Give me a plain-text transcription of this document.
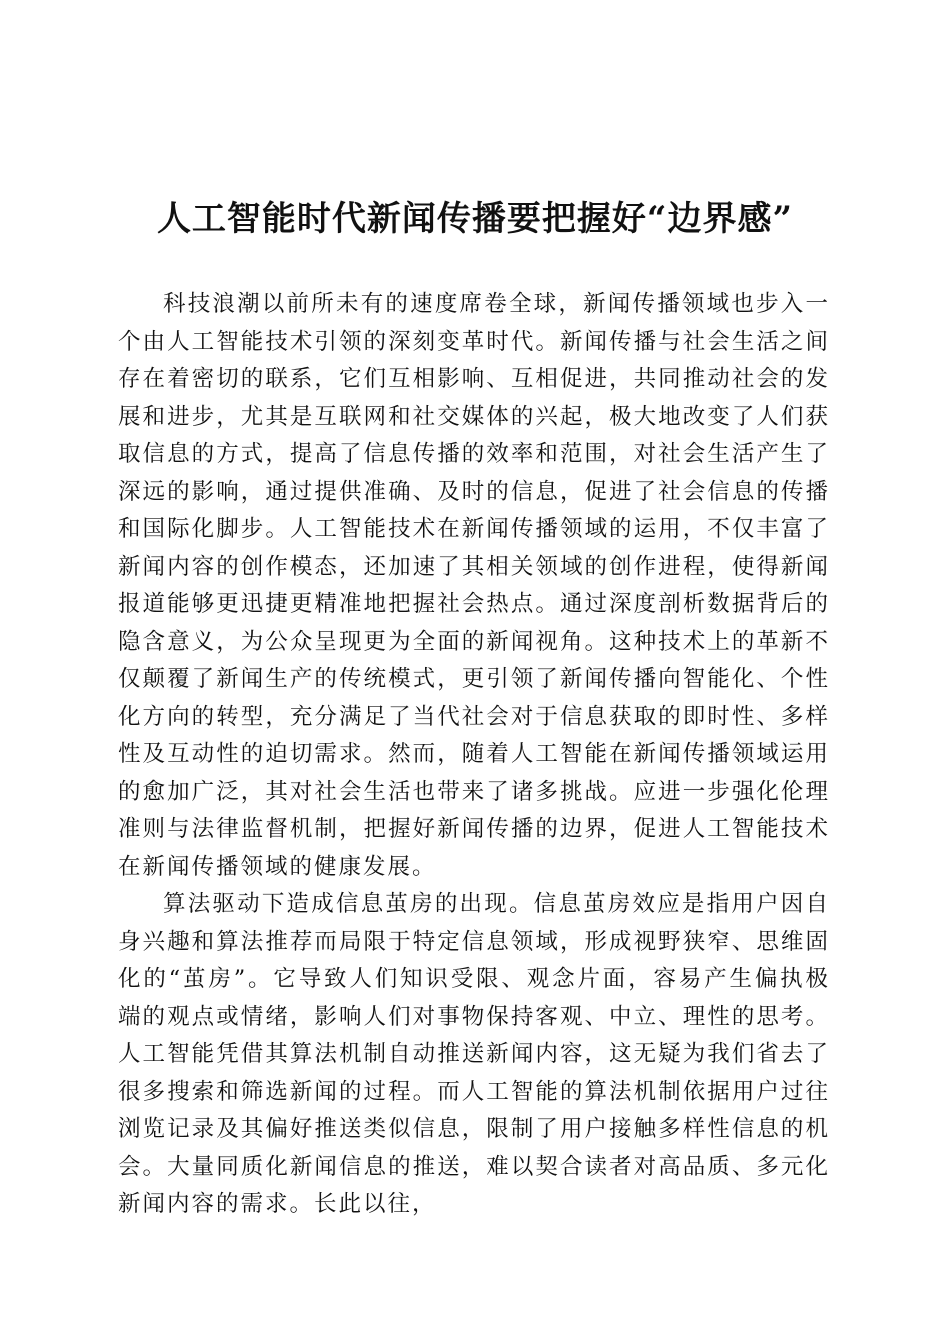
人工智能时代新闻传播要把握好“边界感”

科技浪潮以前所未有的速度席卷全球，新闻传播领域也步入一个由人工智能技术引领的深刻变革时代。新闻传播与社会生活之间存在着密切的联系，它们互相影响、互相促进，共同推动社会的发展和进步，尤其是互联网和社交媒体的兴起，极大地改变了人们获取信息的方式，提高了信息传播的效率和范围，对社会生活产生了深远的影响，通过提供准确、及时的信息，促进了社会信息的传播和国际化脚步。人工智能技术在新闻传播领域的运用，不仅丰富了新闻内容的创作模态，还加速了其相关领域的创作进程，使得新闻报道能够更迅捷更精准地把握社会热点。通过深度剖析数据背后的隐含意义，为公众呈现更为全面的新闻视角。这种技术上的革新不仅颠覆了新闻生产的传统模式，更引领了新闻传播向智能化、个性化方向的转型，充分满足了当代社会对于信息获取的即时性、多样性及互动性的迫切需求。然而，随着人工智能在新闻传播领域运用的愈加广泛，其对社会生活也带来了诸多挑战。应进一步强化伦理准则与法律监督机制，把握好新闻传播的边界，促进人工智能技术在新闻传播领域的健康发展。

算法驱动下造成信息茧房的出现。信息茧房效应是指用户因自身兴趣和算法推荐而局限于特定信息领域，形成视野狭窄、思维固化的“茧房”。它导致人们知识受限、观念片面，容易产生偏执极端的观点或情绪，影响人们对事物保持客观、中立、理性的思考。人工智能凭借其算法机制自动推送新闻内容，这无疑为我们省去了很多搜索和筛选新闻的过程。而人工智能的算法机制依据用户过往浏览记录及其偏好推送类似信息，限制了用户接触多样性信息的机会。大量同质化新闻信息的推送，难以契合读者对高品质、多元化新闻内容的需求。长此以往，
